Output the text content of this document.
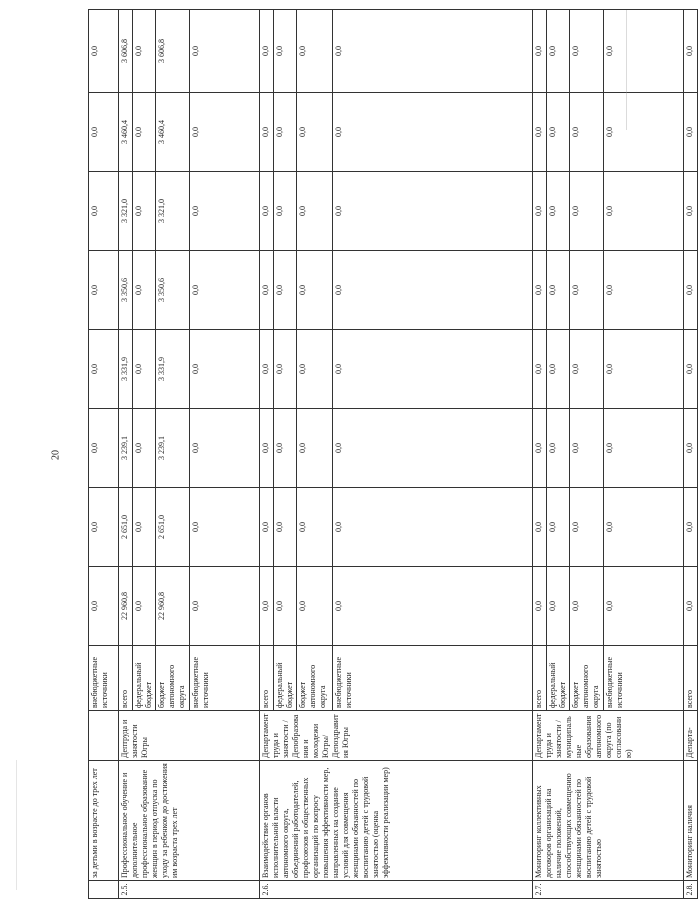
20
	за детьми в возрасте до трех лет		внебюджетные источники	0,0	0,0	0,0	0,0	0,0	0,0	0,0	0,0
2.5.	Профессиональное обучение и дополнительное профессиональное образование женщин в период отпуска по уходу за ребенком до достижения им возраста трех лет	Дептруда и занятости Югры	всего	22 960,8	2 651,0	3 239,1	3 331,9	3 350,6	3 321,0	3 460,4	3 606,8
			федеральный бюджет	0,0	0,0	0,0	0,0	0,0	0,0	0,0	0,0
			бюджет автономного округа	22 960,8	2 651,0	3 239,1	3 331,9	3 350,6	3 321,0	3 460,4	3 606,8
			внебюджетные источники	0,0	0,0	0,0	0,0	0,0	0,0	0,0	0,0
2.6.	Взаимодействие органов исполнительной власти автономного округа, объединений работодателей, профсоюзов и общественных организаций по вопросу повышения эффективности мер, направленных на создание условий для совмещения женщинами обязанностей по воспитанию детей с трудовой занятостью (оценка эффективности реализации мер)	Департамент труда и занятости /Депобразования и молодежи Югры/ Депоздравития Югры	всего	0,0	0,0	0,0	0,0	0,0	0,0	0,0	0,0
			федеральный бюджет	0,0	0,0	0,0	0,0	0,0	0,0	0,0	0,0
			бюджет автономного округа	0,0	0,0	0,0	0,0	0,0	0,0	0,0	0,0
			внебюджетные источники	0,0	0,0	0,0	0,0	0,0	0,0	0,0	0,0
2.7.	Мониторинг коллективных договоров организаций на наличие положений, способствующих совмещению женщинами обязанностей по воспитанию детей с трудовой занятостью	Департамент труда и занятости /муниципальные образования автономного округа (по согласованию)	всего	0,0	0,0	0,0	0,0	0,0	0,0	0,0	0,0
			федеральный бюджет	0,0	0,0	0,0	0,0	0,0	0,0	0,0	0,0
			бюджет автономного округа	0,0	0,0	0,0	0,0	0,0	0,0	0,0	0,0
			внебюджетные источники	0,0	0,0	0,0	0,0	0,0	0,0	0,0	0,0
2.8.	Мониторинг наличия	Департа-	всего	0,0	0,0	0,0	0,0	0,0	0,0	0,0	0,0
